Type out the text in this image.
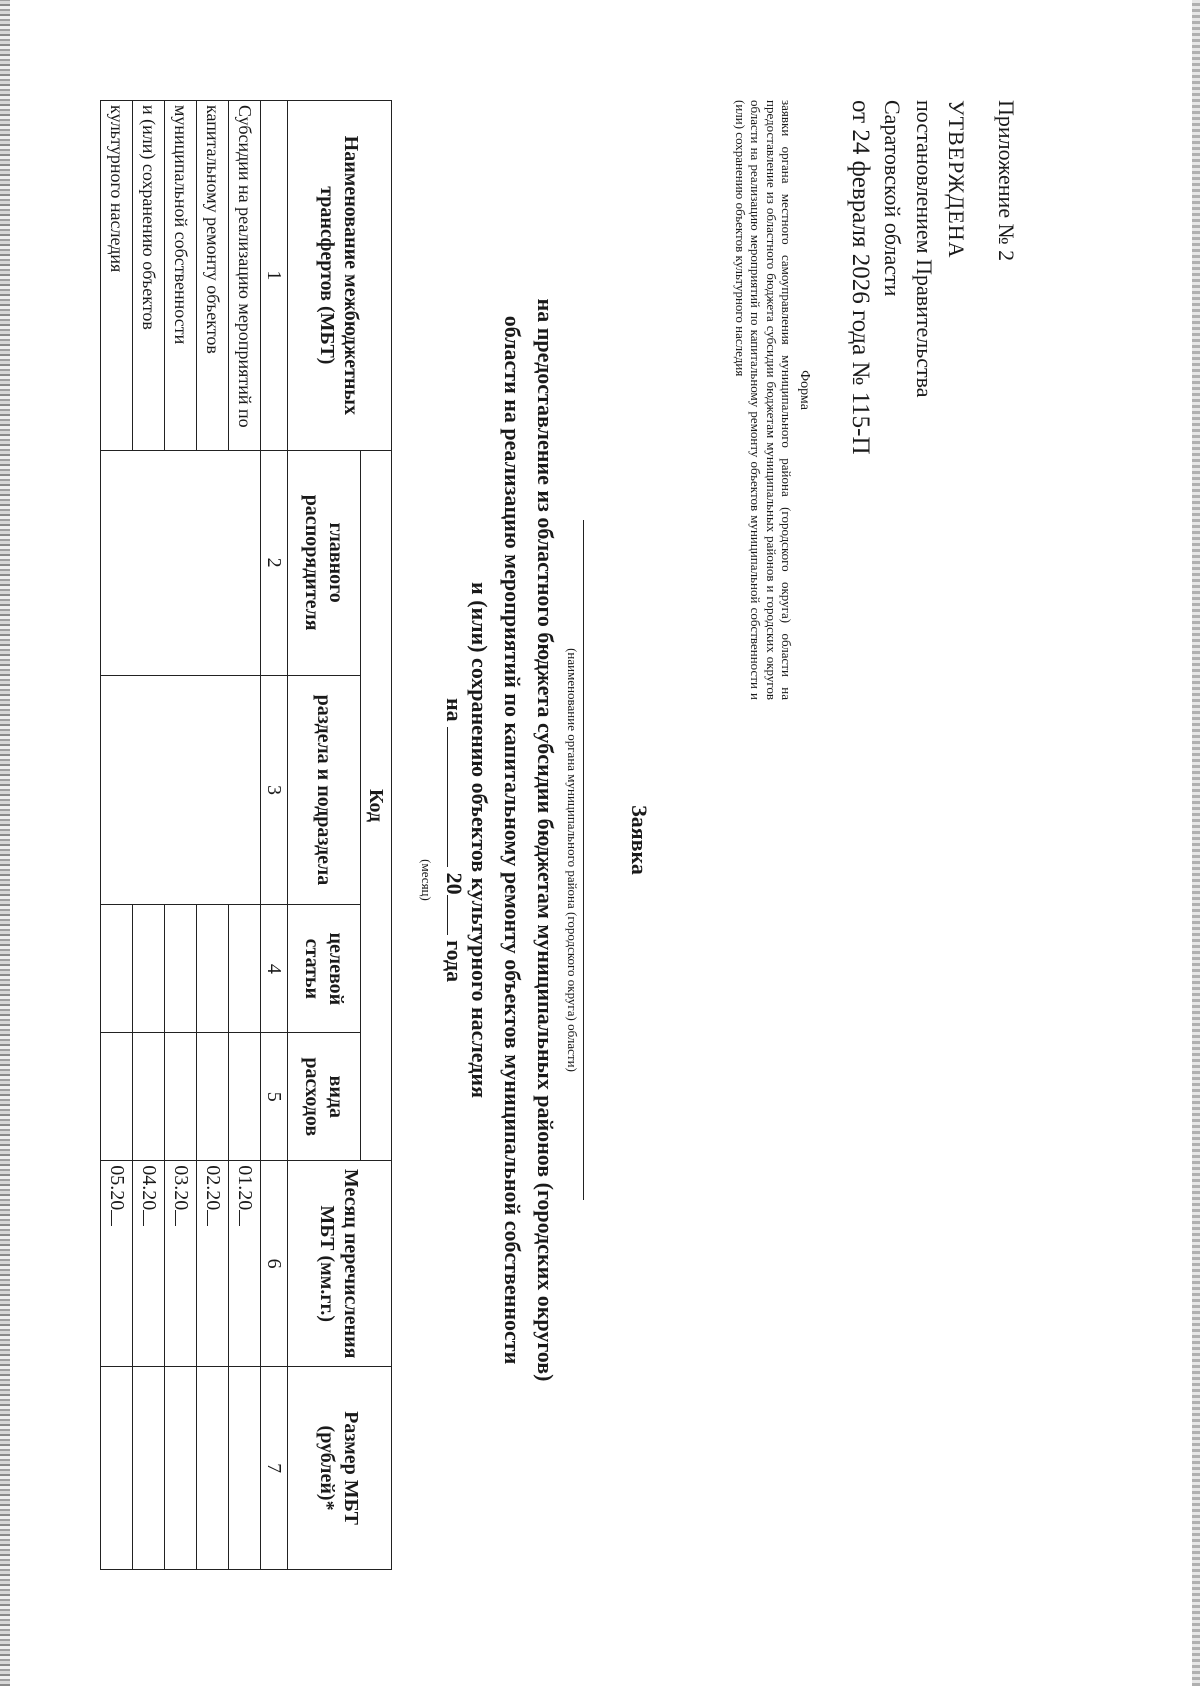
Приложение № 2
УТВЕРЖДЕНА
постановлением Правительства
Саратовской области
от 24 февраля 2026 года № 115-П
Форма
заявки органа местного самоуправления муниципального района (городского округа) области на предоставление из областного бюджета субсидии бюджетам муниципальных районов и городских округов области на реализацию мероприятий по капитальному ремонту объектов муниципальной собственности и (или) сохранению объектов культурного наследия
Заявка
(наименование органа муниципального района (городского округа) области)
на предоставление из областного бюджета субсидии бюджетам муниципальных районов (городских округов)
области на реализацию мероприятий по капитальному ремонту объектов муниципальной собственности
и (или) сохранению объектов культурного наследия
на  20 года
(месяц)
Наименование межбюджетных трансфертов (МБТ)	Код				Месяц перечисления МБТ (мм.гг.)	Размер МБТ (рублей)*
	главного распорядителя	раздела и подраздела	целевой статьи	вида расходов		
1	2	3	4	5	6	7
Субсидии на реализацию мероприятий по					01.20	
капитальному ремонту объектов					02.20	
муниципальной собственности					03.20	
и (или) сохранению объектов					04.20	
культурного наследия					05.20	
